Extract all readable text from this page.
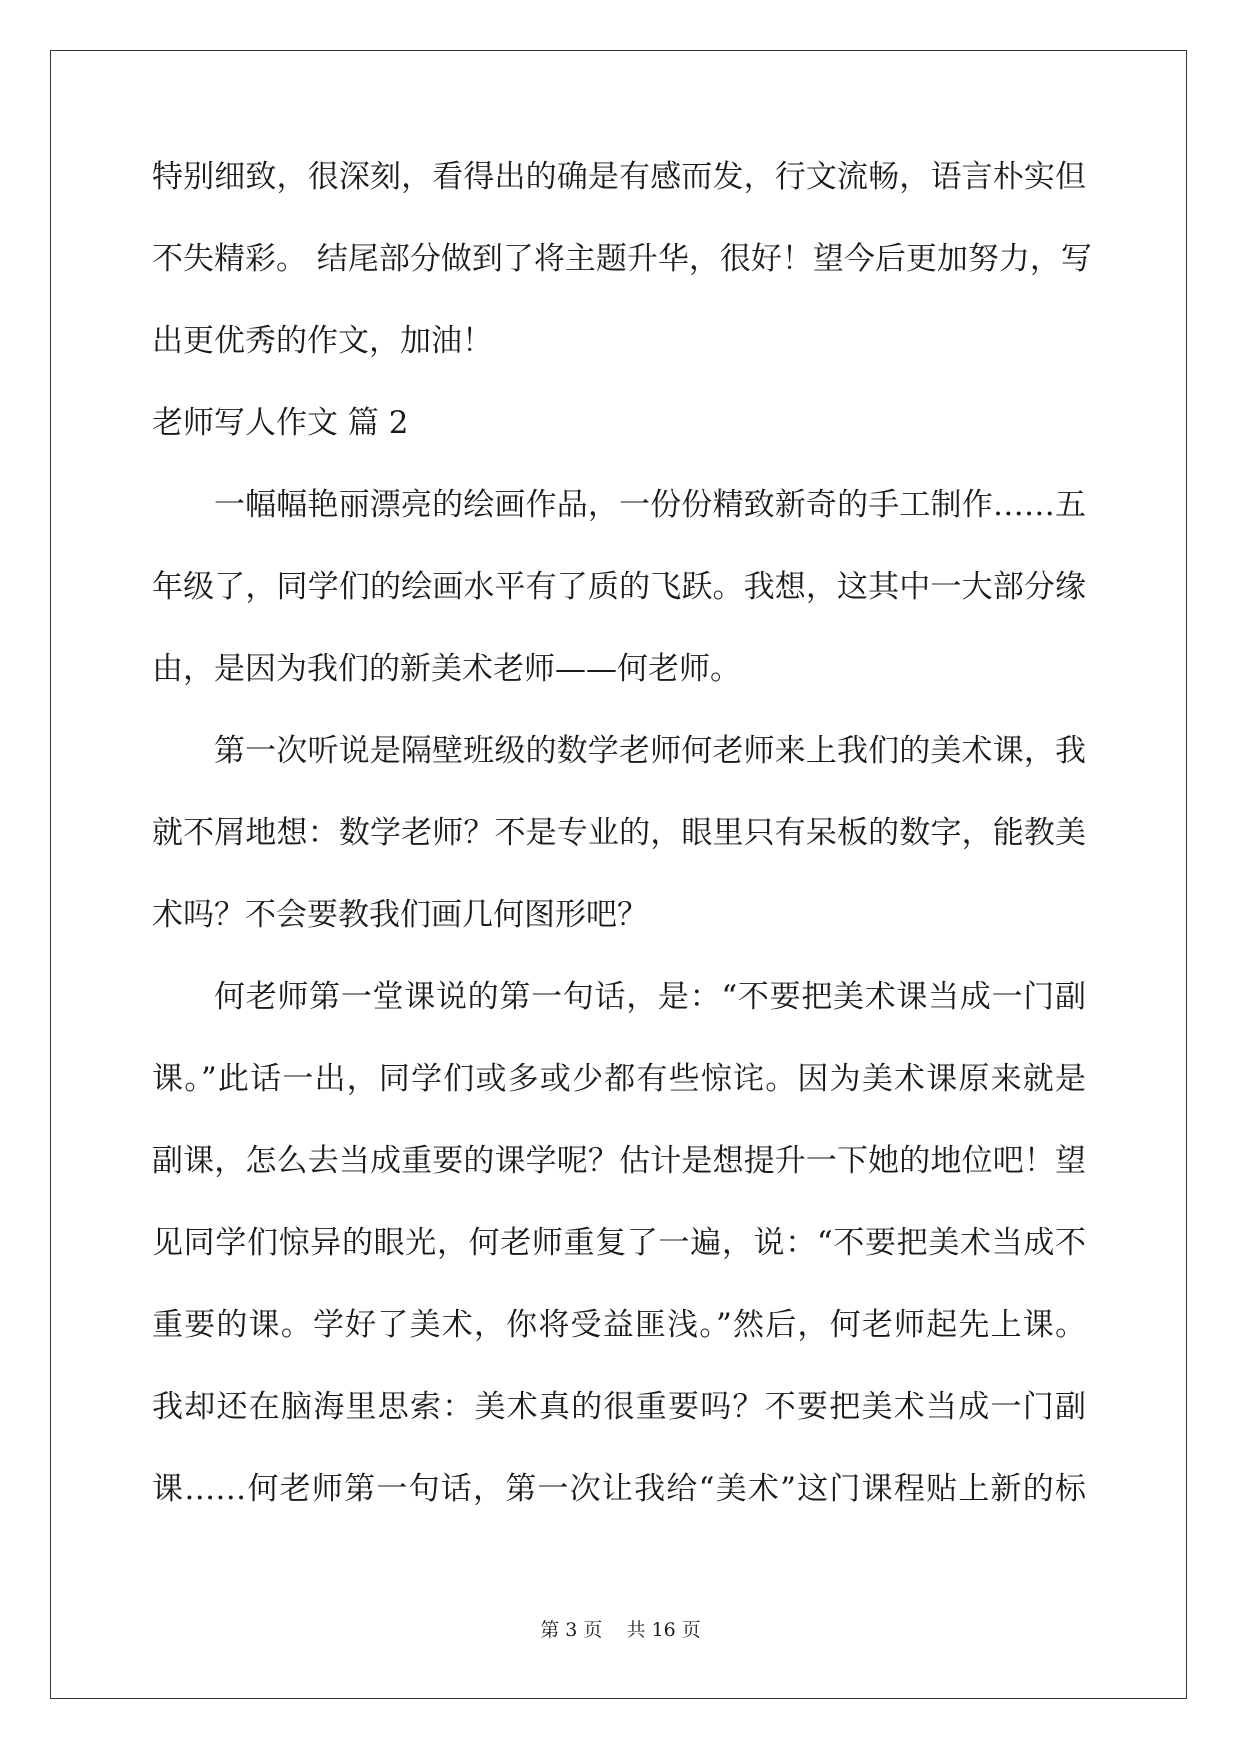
特别细致，很深刻，看得出的确是有感而发，行文流畅，语言朴实但
不失精彩。 结尾部分做到了将主题升华，很好！望今后更加努力，写
出更优秀的作文，加油！
老师写人作文 篇 2
一幅幅艳丽漂亮的绘画作品，一份份精致新奇的手工制作……五
年级了，同学们的绘画水平有了质的飞跃。我想，这其中一大部分缘
由，是因为我们的新美术老师——何老师。
第一次听说是隔壁班级的数学老师何老师来上我们的美术课，我
就不屑地想：数学老师？不是专业的，眼里只有呆板的数字，能教美
术吗？不会要教我们画几何图形吧？
何老师第一堂课说的第一句话，是：“不要把美术课当成一门副
课。”此话一出，同学们或多或少都有些惊诧。因为美术课原来就是
副课，怎么去当成重要的课学呢？估计是想提升一下她的地位吧！望
见同学们惊异的眼光，何老师重复了一遍，说：“不要把美术当成不
重要的课。学好了美术，你将受益匪浅。”然后，何老师起先上课。
我却还在脑海里思索：美术真的很重要吗？不要把美术当成一门副
课……何老师第一句话，第一次让我给“美术”这门课程贴上新的标
第 3 页    共 16 页
